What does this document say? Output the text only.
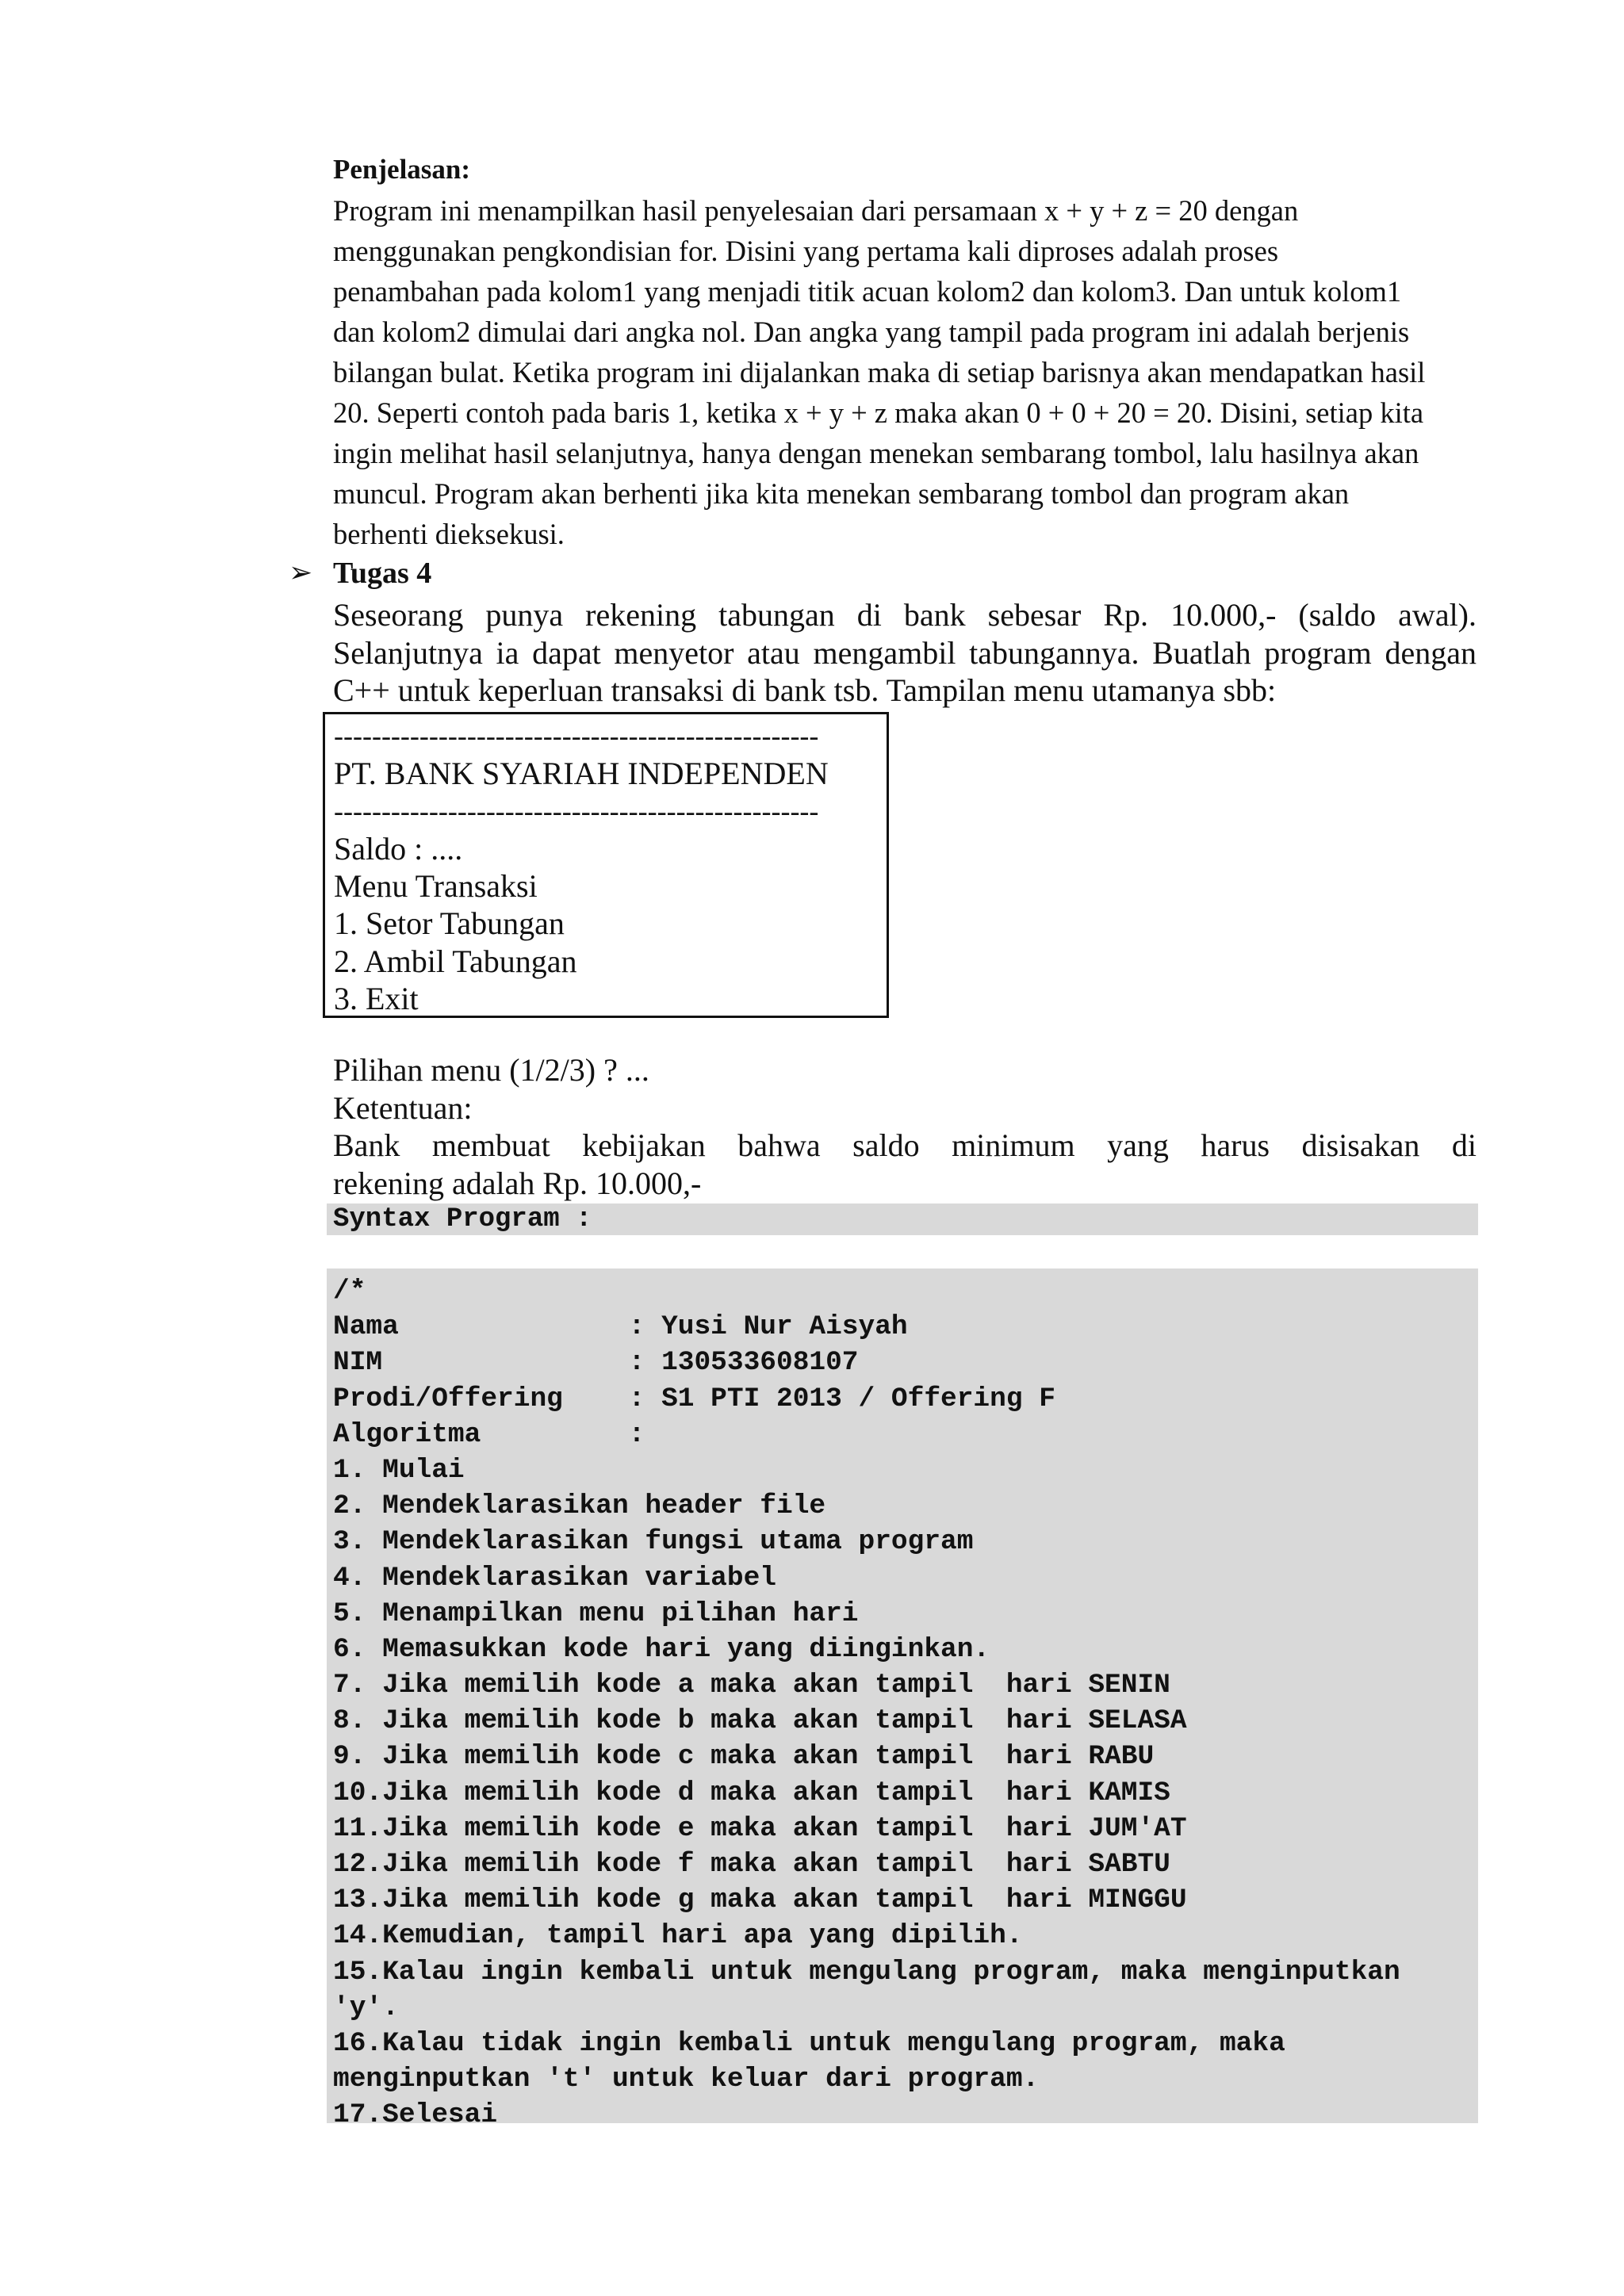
Penjelasan:
Program ini menampilkan hasil penyelesaian dari persamaan x + y + z = 20 dengan
menggunakan pengkondisian for. Disini yang pertama kali diproses adalah proses
penambahan pada kolom1 yang menjadi titik acuan kolom2 dan kolom3. Dan untuk kolom1
dan kolom2 dimulai dari angka nol. Dan angka yang tampil pada program ini adalah berjenis
bilangan bulat. Ketika program ini dijalankan maka di setiap barisnya akan mendapatkan hasil
20. Seperti contoh pada baris 1, ketika x + y + z maka akan 0 + 0 + 20 = 20. Disini, setiap kita
ingin melihat hasil selanjutnya, hanya dengan menekan sembarang tombol, lalu hasilnya akan
muncul. Program akan berhenti jika kita menekan sembarang tombol dan program akan
berhenti dieksekusi.
➢ Tugas 4
Seseorang punya rekening tabungan di bank sebesar Rp. 10.000,- (saldo awal).
Selanjutnya ia dapat menyetor atau mengambil tabungannya. Buatlah program dengan
C++ untuk keperluan transaksi di bank tsb. Tampilan menu utamanya sbb:
---------------------------------------------------
PT. BANK SYARIAH INDEPENDEN
---------------------------------------------------
Saldo : ....
Menu Transaksi
1. Setor Tabungan
2. Ambil Tabungan
3. Exit
Pilihan menu (1/2/3) ? ...
Ketentuan:
Bank membuat kebijakan bahwa saldo minimum yang harus disisakan di
rekening adalah Rp. 10.000,-
Syntax Program :
/*
Nama              : Yusi Nur Aisyah
NIM               : 130533608107
Prodi/Offering    : S1 PTI 2013 / Offering F
Algoritma         :
1. Mulai
2. Mendeklarasikan header file
3. Mendeklarasikan fungsi utama program
4. Mendeklarasikan variabel
5. Menampilkan menu pilihan hari
6. Memasukkan kode hari yang diinginkan.
7. Jika memilih kode a maka akan tampil  hari SENIN
8. Jika memilih kode b maka akan tampil  hari SELASA
9. Jika memilih kode c maka akan tampil  hari RABU
10.Jika memilih kode d maka akan tampil  hari KAMIS
11.Jika memilih kode e maka akan tampil  hari JUM'AT
12.Jika memilih kode f maka akan tampil  hari SABTU
13.Jika memilih kode g maka akan tampil  hari MINGGU
14.Kemudian, tampil hari apa yang dipilih.
15.Kalau ingin kembali untuk mengulang program, maka menginputkan
'y'.
16.Kalau tidak ingin kembali untuk mengulang program, maka
menginputkan 't' untuk keluar dari program.
17.Selesai
